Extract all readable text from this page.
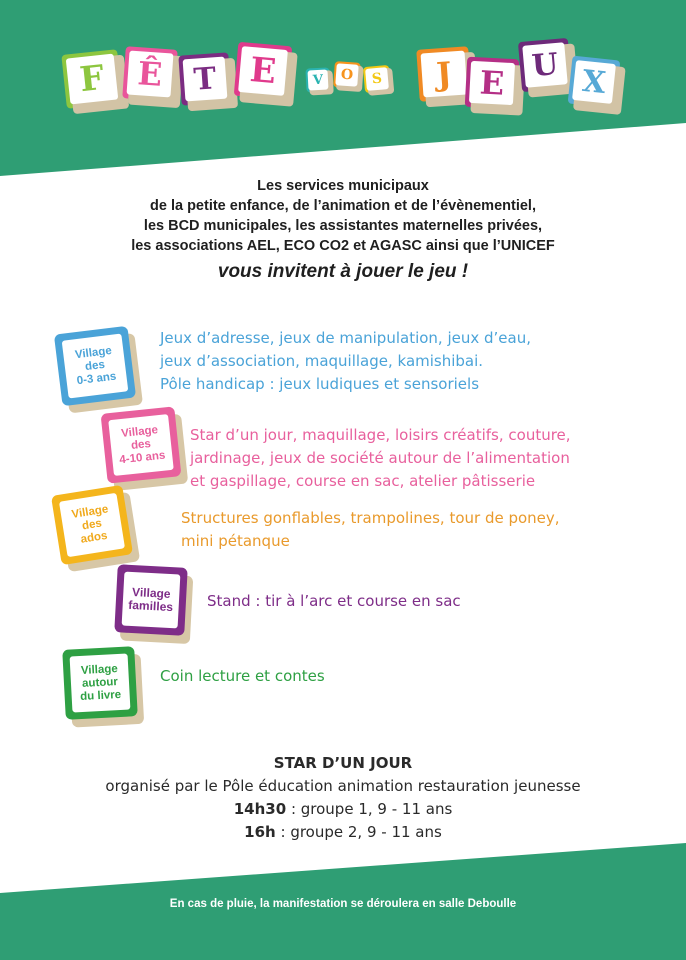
F Ê T E	V O S J E U X
Les services municipaux
de la petite enfance, de l’animation et de l’évènementiel,
les BCD municipales, les assistantes maternelles privées,
les associations AEL, ECO CO2 et AGASC ainsi que l’UNICEF
vous invitent à jouer le jeu !
Village
des
0-3 ans
Jeux d’adresse, jeux de manipulation, jeux d’eau,
jeux d’association, maquillage, kamishibai.
Pôle handicap : jeux ludiques et sensoriels
Village
des
4-10 ans
Star d’un jour, maquillage, loisirs créatifs, couture,
jardinage, jeux de société autour de l’alimentation
et gaspillage, course en sac, atelier pâtisserie
Village
des
ados
Structures gonflables, trampolines, tour de poney,
mini pétanque
Village
familles Stand : tir à l’arc et course en sac
Village
autour
du livre
Coin lecture et contes
STAR D’UN JOUR
organisé par le Pôle éducation animation restauration jeunesse
14h30 : groupe 1, 9 - 11 ans
16h : groupe 2, 9 - 11 ans
En cas de pluie, la manifestation se déroulera en salle Deboulle
